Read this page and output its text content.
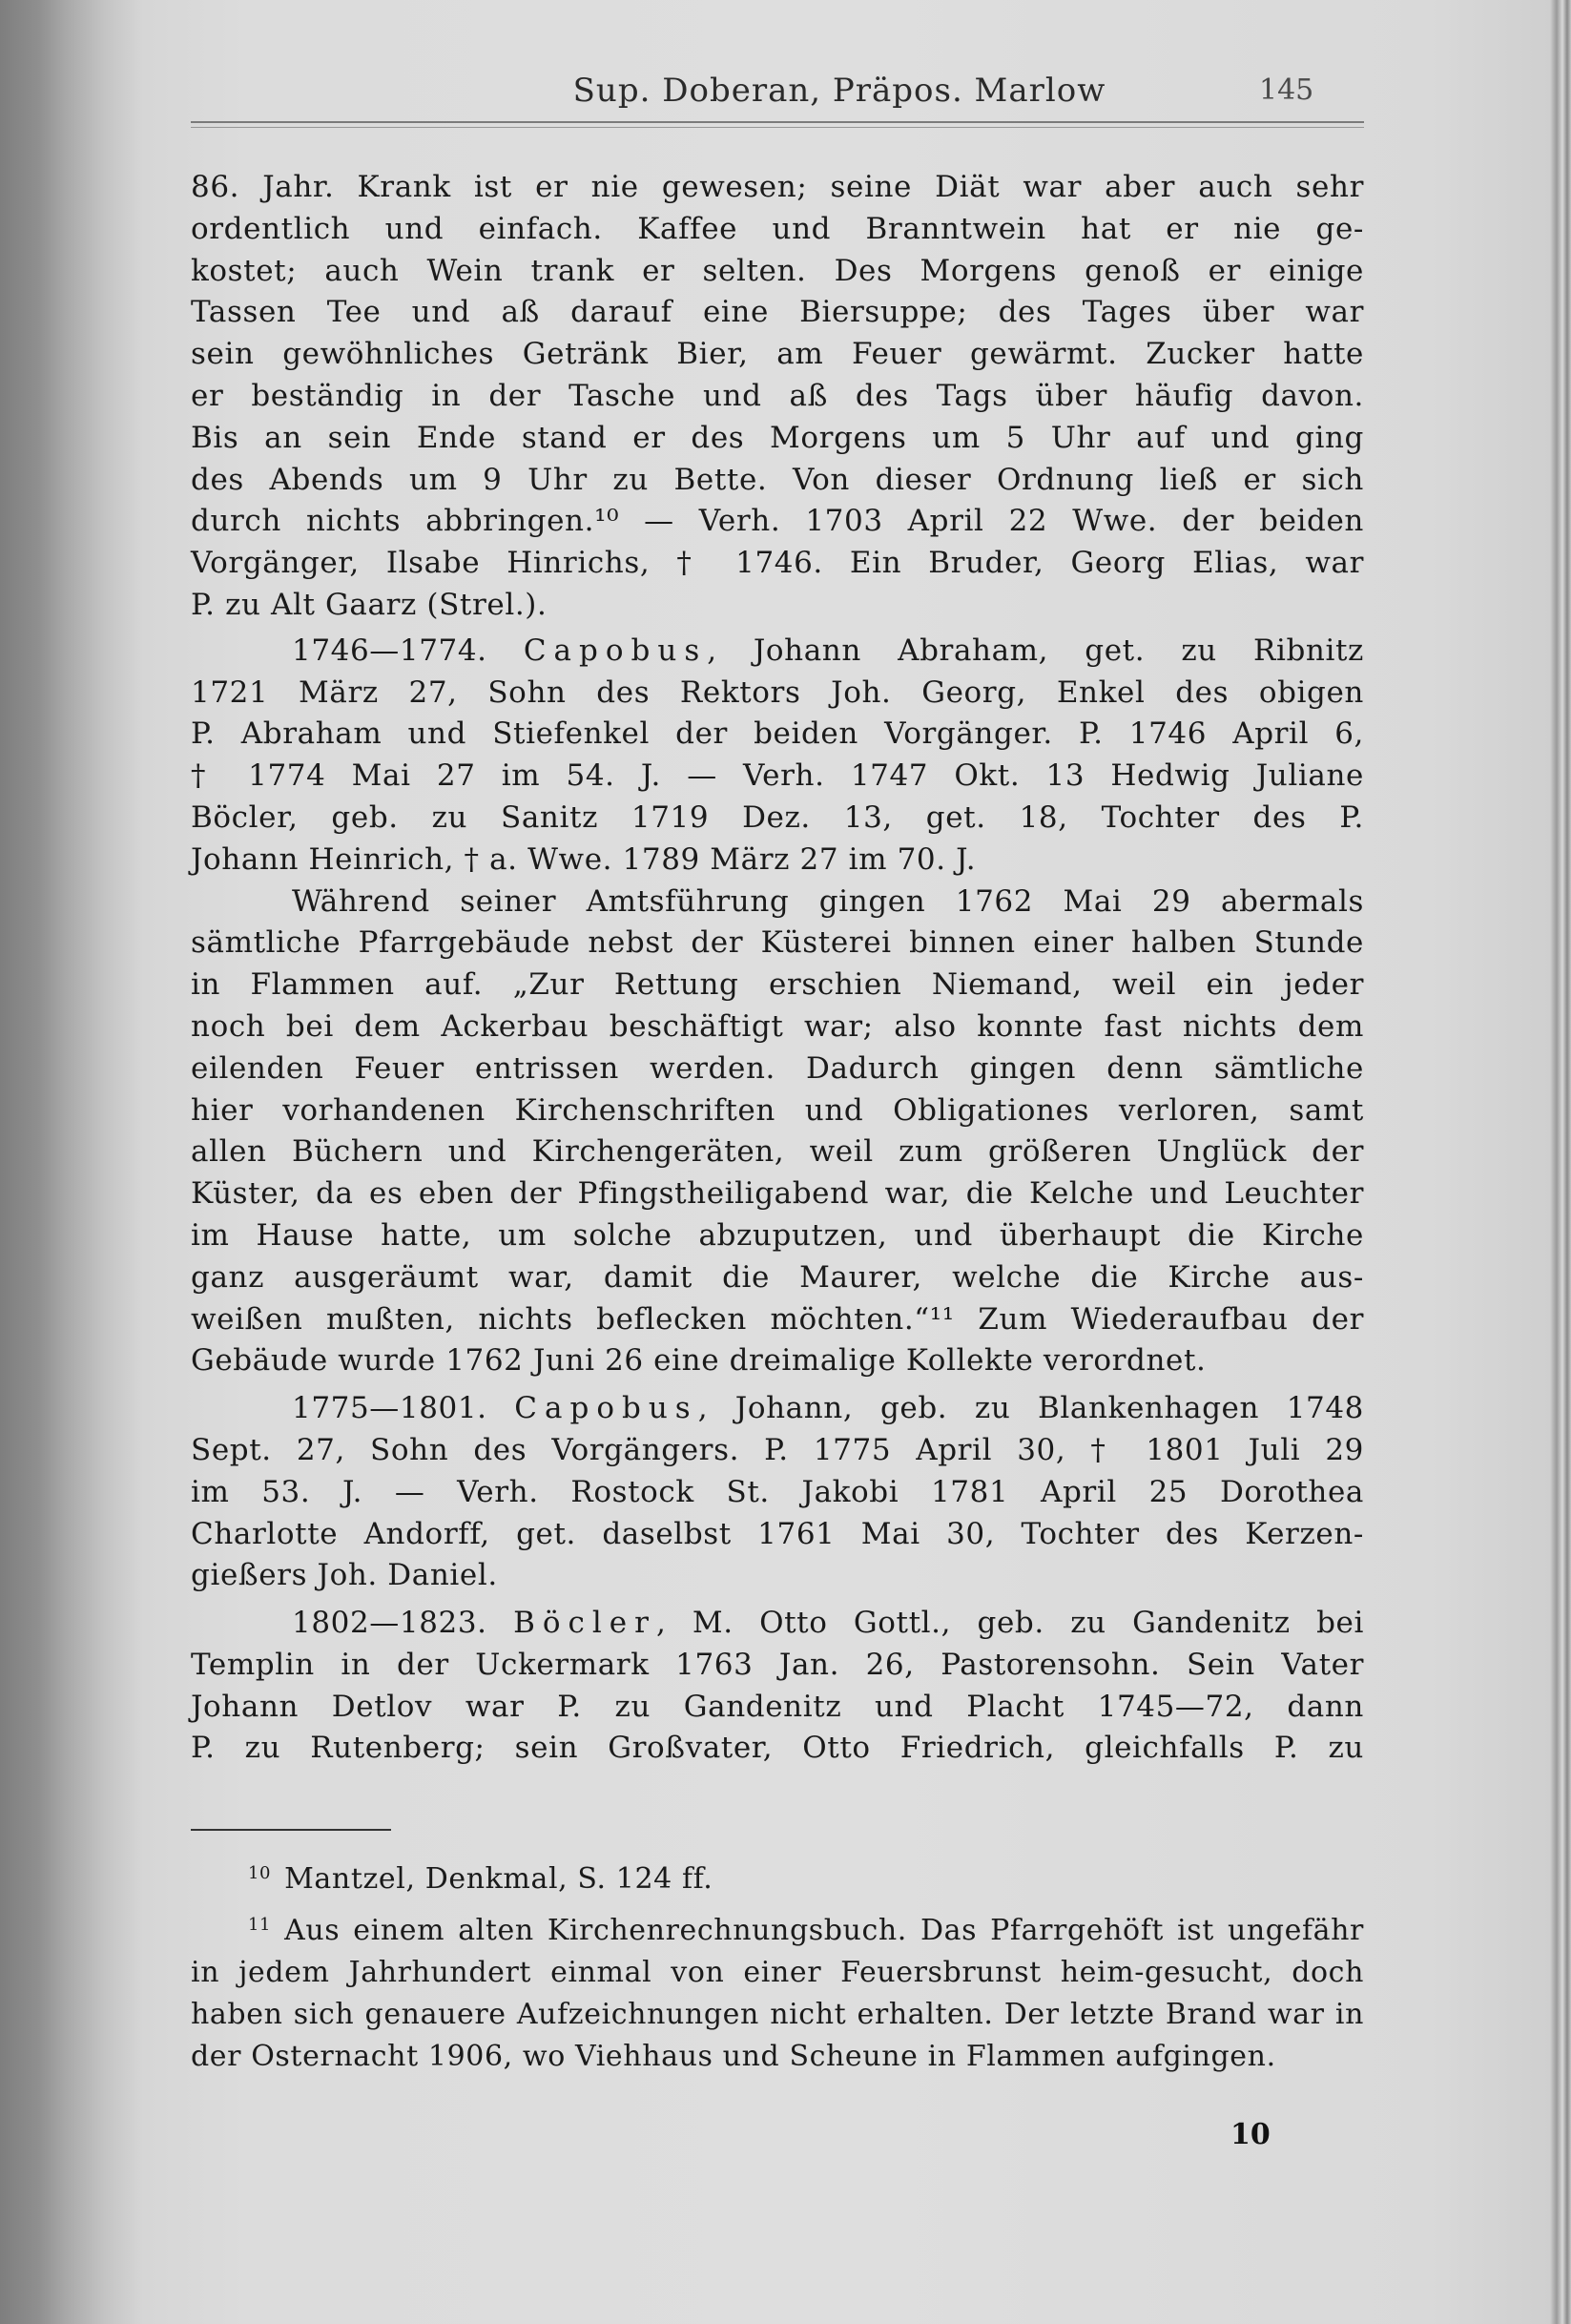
Sup. Doberan, Präpos. Marlow	145

86. Jahr. Krank ist er nie gewesen; seine Diät war aber auch sehr
ordentlich und einfach. Kaffee und Branntwein hat er nie ge-
kostet; auch Wein trank er selten. Des Morgens genoß er einige
Tassen Tee und aß darauf eine Biersuppe; des Tages über war
sein gewöhnliches Getränk Bier, am Feuer gewärmt. Zucker hatte
er beständig in der Tasche und aß des Tags über häufig davon.
Bis an sein Ende stand er des Morgens um 5 Uhr auf und ging
des Abends um 9 Uhr zu Bette. Von dieser Ordnung ließ er sich
durch nichts abbringen.¹⁰ — Verh. 1703 April 22 Wwe. der beiden
Vorgänger, Ilsabe Hinrichs, † 1746. Ein Bruder, Georg Elias, war
P. zu Alt Gaarz (Strel.).

1746—1774. Capobus, Johann Abraham, get. zu Ribnitz
1721 März 27, Sohn des Rektors Joh. Georg, Enkel des obigen
P. Abraham und Stiefenkel der beiden Vorgänger. P. 1746 April 6,
† 1774 Mai 27 im 54. J. — Verh. 1747 Okt. 13 Hedwig Juliane
Böcler, geb. zu Sanitz 1719 Dez. 13, get. 18, Tochter des P.
Johann Heinrich, † a. Wwe. 1789 März 27 im 70. J.

Während seiner Amtsführung gingen 1762 Mai 29 abermals
sämtliche Pfarrgebäude nebst der Küsterei binnen einer halben Stunde
in Flammen auf. „Zur Rettung erschien Niemand, weil ein jeder
noch bei dem Ackerbau beschäftigt war; also konnte fast nichts dem
eilenden Feuer entrissen werden. Dadurch gingen denn sämtliche
hier vorhandenen Kirchenschriften und Obligationes verloren, samt
allen Büchern und Kirchengeräten, weil zum größeren Unglück der
Küster, da es eben der Pfingstheiligabend war, die Kelche und Leuchter
im Hause hatte, um solche abzuputzen, und überhaupt die Kirche
ganz ausgeräumt war, damit die Maurer, welche die Kirche aus-
weißen mußten, nichts beflecken möchten.“¹¹ Zum Wiederaufbau der
Gebäude wurde 1762 Juni 26 eine dreimalige Kollekte verordnet.

1775—1801. Capobus, Johann, geb. zu Blankenhagen 1748
Sept. 27, Sohn des Vorgängers. P. 1775 April 30, † 1801 Juli 29
im 53. J. — Verh. Rostock St. Jakobi 1781 April 25 Dorothea
Charlotte Andorff, get. daselbst 1761 Mai 30, Tochter des Kerzen-
gießers Joh. Daniel.

1802—1823. Böcler, M. Otto Gottl., geb. zu Gandenitz bei
Templin in der Uckermark 1763 Jan. 26, Pastorensohn. Sein Vater
Johann Detlov war P. zu Gandenitz und Placht 1745—72, dann
P. zu Rutenberg; sein Großvater, Otto Friedrich, gleichfalls P. zu

$^{10}$ Mantzel, Denkmal, S. 124 ff.

$^{11}$ Aus einem alten Kirchenrechnungsbuch. Das Pfarrgehöft ist ungefähr in jedem Jahrhundert einmal von einer Feuersbrunst heim-gesucht, doch haben sich genauere Aufzeichnungen nicht erhalten. Der letzte Brand war in der Osternacht 1906, wo Viehhaus und Scheune in Flammen aufgingen.

10
